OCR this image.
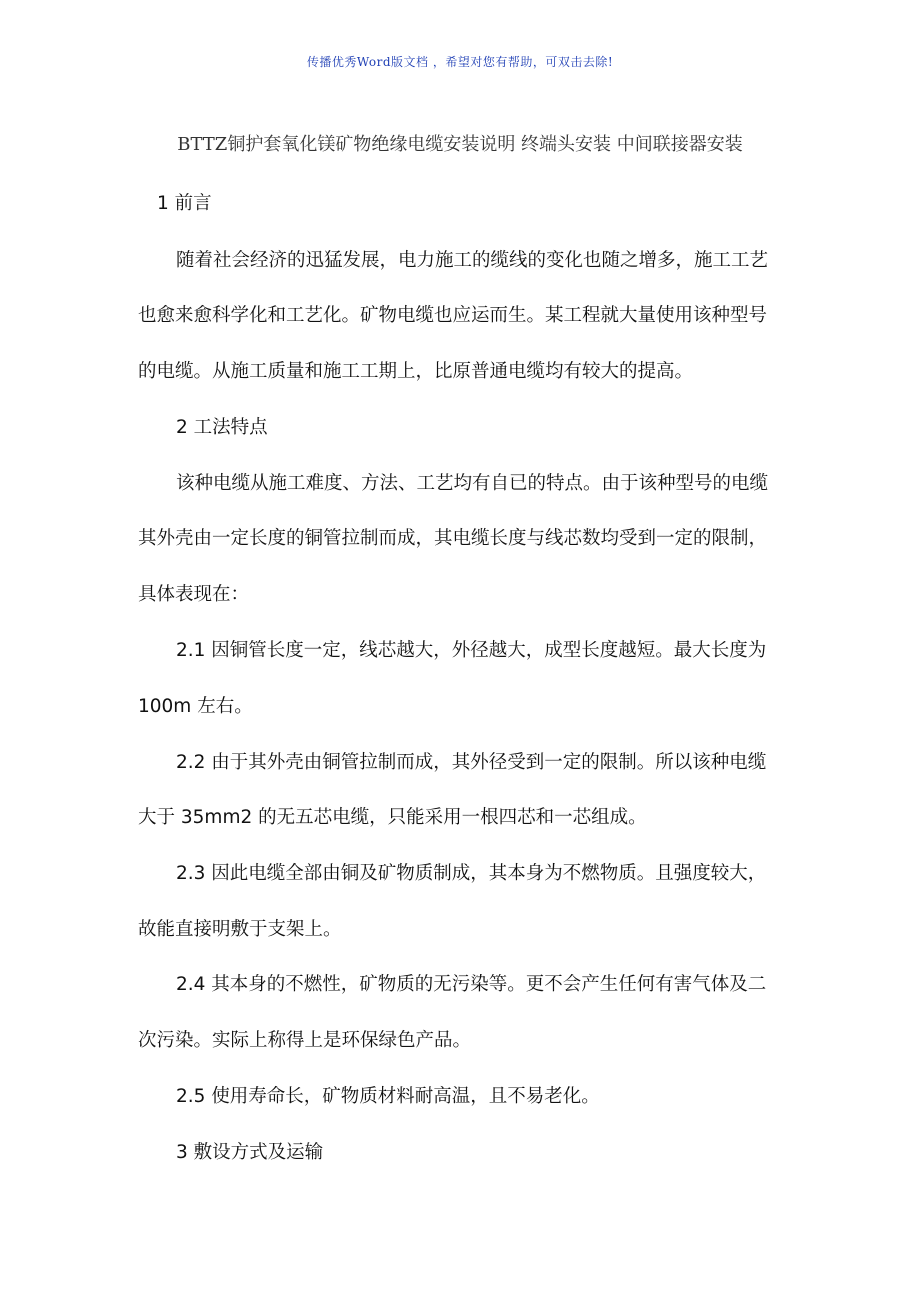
传播优秀Word版文档 ，希望对您有帮助，可双击去除!
BTTZ铜护套氧化镁矿物绝缘电缆安装说明 终端头安装 中间联接器安装
1 前言
随着社会经济的迅猛发展，电力施工的缆线的变化也随之增多，施工工艺
也愈来愈科学化和工艺化。矿物电缆也应运而生。某工程就大量使用该种型号
的电缆。从施工质量和施工工期上，比原普通电缆均有较大的提高。
2 工法特点
该种电缆从施工难度、方法、工艺均有自已的特点。由于该种型号的电缆
其外壳由一定长度的铜管拉制而成，其电缆长度与线芯数均受到一定的限制，
具体表现在：
2.1 因铜管长度一定，线芯越大，外径越大，成型长度越短。最大长度为
100m 左右。
2.2 由于其外壳由铜管拉制而成，其外径受到一定的限制。所以该种电缆
大于 35mm2 的无五芯电缆，只能采用一根四芯和一芯组成。
2.3 因此电缆全部由铜及矿物质制成，其本身为不燃物质。且强度较大，
故能直接明敷于支架上。
2.4 其本身的不燃性，矿物质的无污染等。更不会产生任何有害气体及二
次污染。实际上称得上是环保绿色产品。
2.5 使用寿命长，矿物质材料耐高温，且不易老化。
3 敷设方式及运输
